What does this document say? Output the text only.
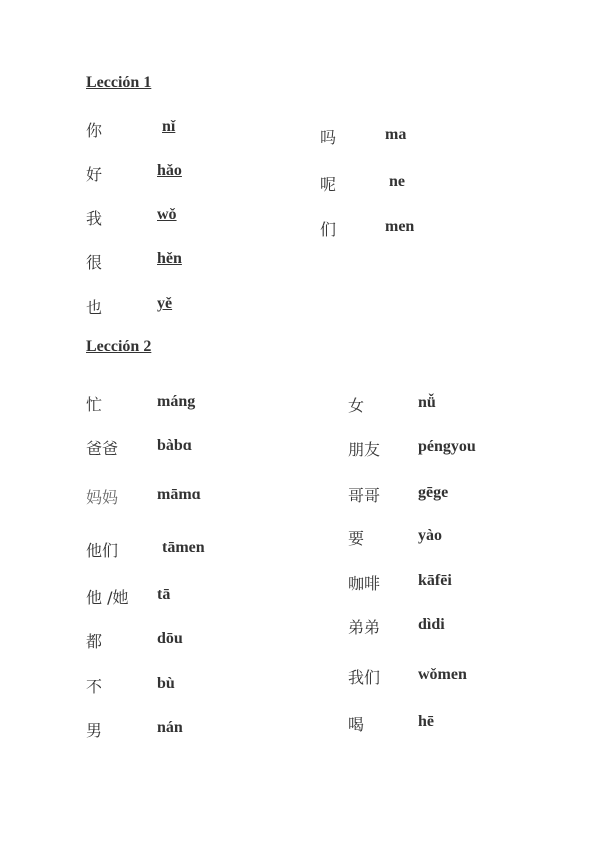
Lección 1
你	nǐ
好	hǎo
我	wǒ
很	hěn
也	yě
吗	ma
呢	ne
们	men
Lección 2
忙	máng
爸爸 bàbɑ
妈妈 māmɑ
他们	tāmen
他 /她 tā
都	dōu
不	bù
男	nán
女	nǚ
朋友 péngyou
哥哥 gēge
要	yào
咖啡 kāfēi
弟弟 dìdi
我们 wǒmen
喝	hē
